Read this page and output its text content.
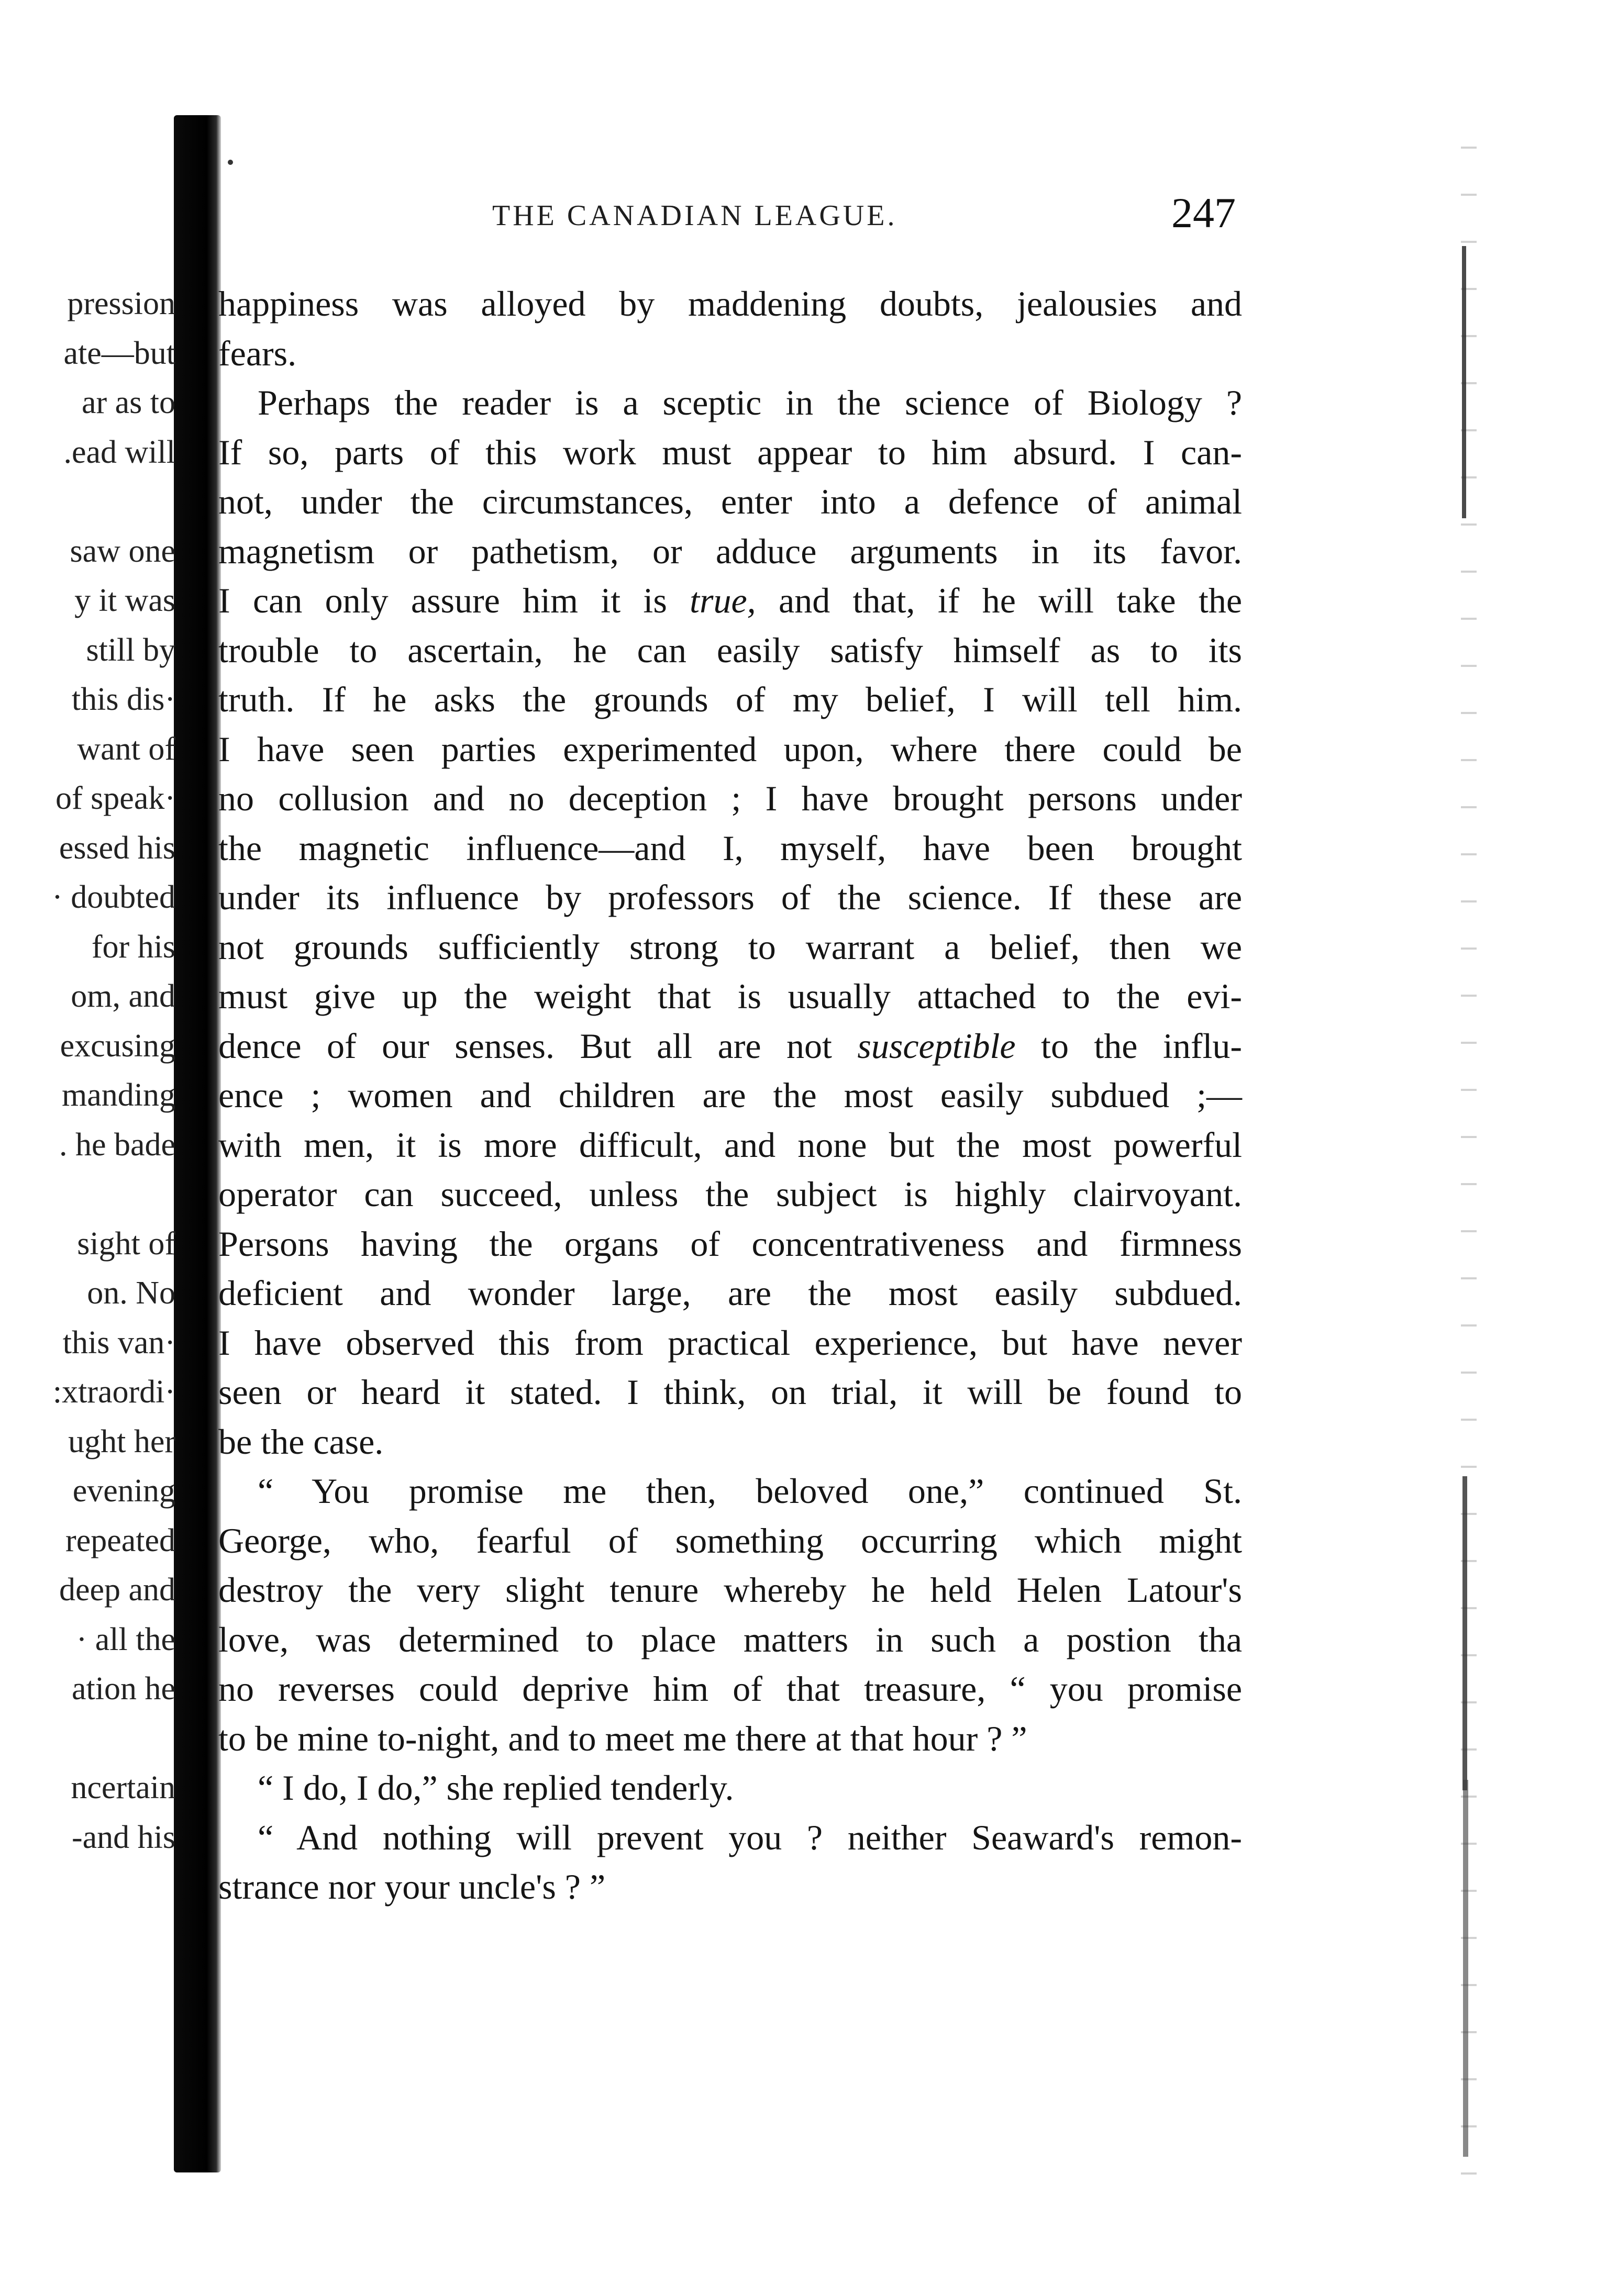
pression
ate—but
ar as to
.ead will
saw one
y it was
still by
this dis·
want of
of speak·
essed his
· doubted
for his
om, and
excusing
manding
. he bade
sight of
on. No
this van·
:xtraordi·
ught her
evening
repeated
deep and
· all the
ation he
ncertain
-and his
THE CANADIAN LEAGUE.	247
happiness was alloyed by maddening doubts, jealousies and
fears.
Perhaps the reader is a sceptic in the science of Biology ?
If so, parts of this work must appear to him absurd. I can-
not, under the circumstances, enter into a defence of animal
magnetism or pathetism, or adduce arguments in its favor.
I can only assure him it is true, and that, if he will take the
trouble to ascertain, he can easily satisfy himself as to its
truth. If he asks the grounds of my belief, I will tell him.
I have seen parties experimented upon, where there could be
no collusion and no deception ; I have brought persons under
the magnetic influence—and I, myself, have been brought
under its influence by professors of the science. If these are
not grounds sufficiently strong to warrant a belief, then we
must give up the weight that is usually attached to the evi-
dence of our senses. But all are not susceptible to the influ-
ence ; women and children are the most easily subdued ;—
with men, it is more difficult, and none but the most powerful
operator can succeed, unless the subject is highly clairvoyant.
Persons having the organs of concentrativeness and firmness
deficient and wonder large, are the most easily subdued.
I have observed this from practical experience, but have never
seen or heard it stated. I think, on trial, it will be found to
be the case.
“ You promise me then, beloved one,” continued St.
George, who, fearful of something occurring which might
destroy the very slight tenure whereby he held Helen Latour's
love, was determined to place matters in such a postion tha
no reverses could deprive him of that treasure, “ you promise
to be mine to-night, and to meet me there at that hour ? ”
“ I do, I do,” she replied tenderly.
“ And nothing will prevent you ? neither Seaward's remon-
strance nor your uncle's ? ”
